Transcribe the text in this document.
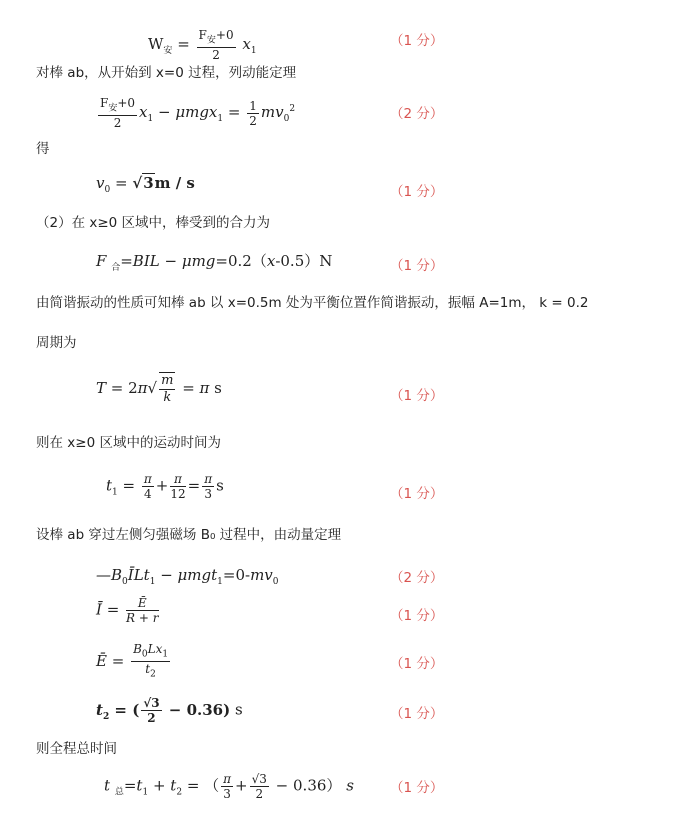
$W_安 = \frac{F_安+0}{2} x_1$
（1 分）
对棒 ab，从开始到 x=0 过程，列动能定理
$\frac{F_安+0}{2} x_1 - \mu mgx_1 = \frac{1}{2} mv_0^2$	（2 分）
得
$v_0 = √3m / s$	（1 分）
（2）在 x≥0 区域中，棒受到的合力为
F $_合$=BIL − μmg=0.2（x-0.5）N	（1 分）
由简谐振动的性质可知棒 ab 以 x=0.5m 处为平衡位置作简谐振动，振幅 A=1m， k = 0.2
周期为
$T = 2\pi√ \frac{m}{k} = \pi$ s	（1 分）
则在 x≥0 区域中的运动时间为
$t_1 = \frac{\pi}{4} + \frac{\pi}{12} = \frac{\pi}{3}$ s	（1 分）
设棒 ab 穿过左侧匀强磁场 B₀ 过程中，由动量定理
$—B_0ĪLt_1 - \mu mgt_1=0-mv_0$	（2 分）
Ī = $\frac{Ē}{R + r}$	（1 分）
Ē = $\frac{B_0Lx_1}{t_2}$	（1 分）
$t_2$ = ( $\frac{√3}{2} - 0.36$) s	（1 分）
则全程总时间
t $_总=t_1 + t_2$ = （ $\frac{\pi}{3} + \frac{√3}{2} - 0.36$） s	（1 分）
